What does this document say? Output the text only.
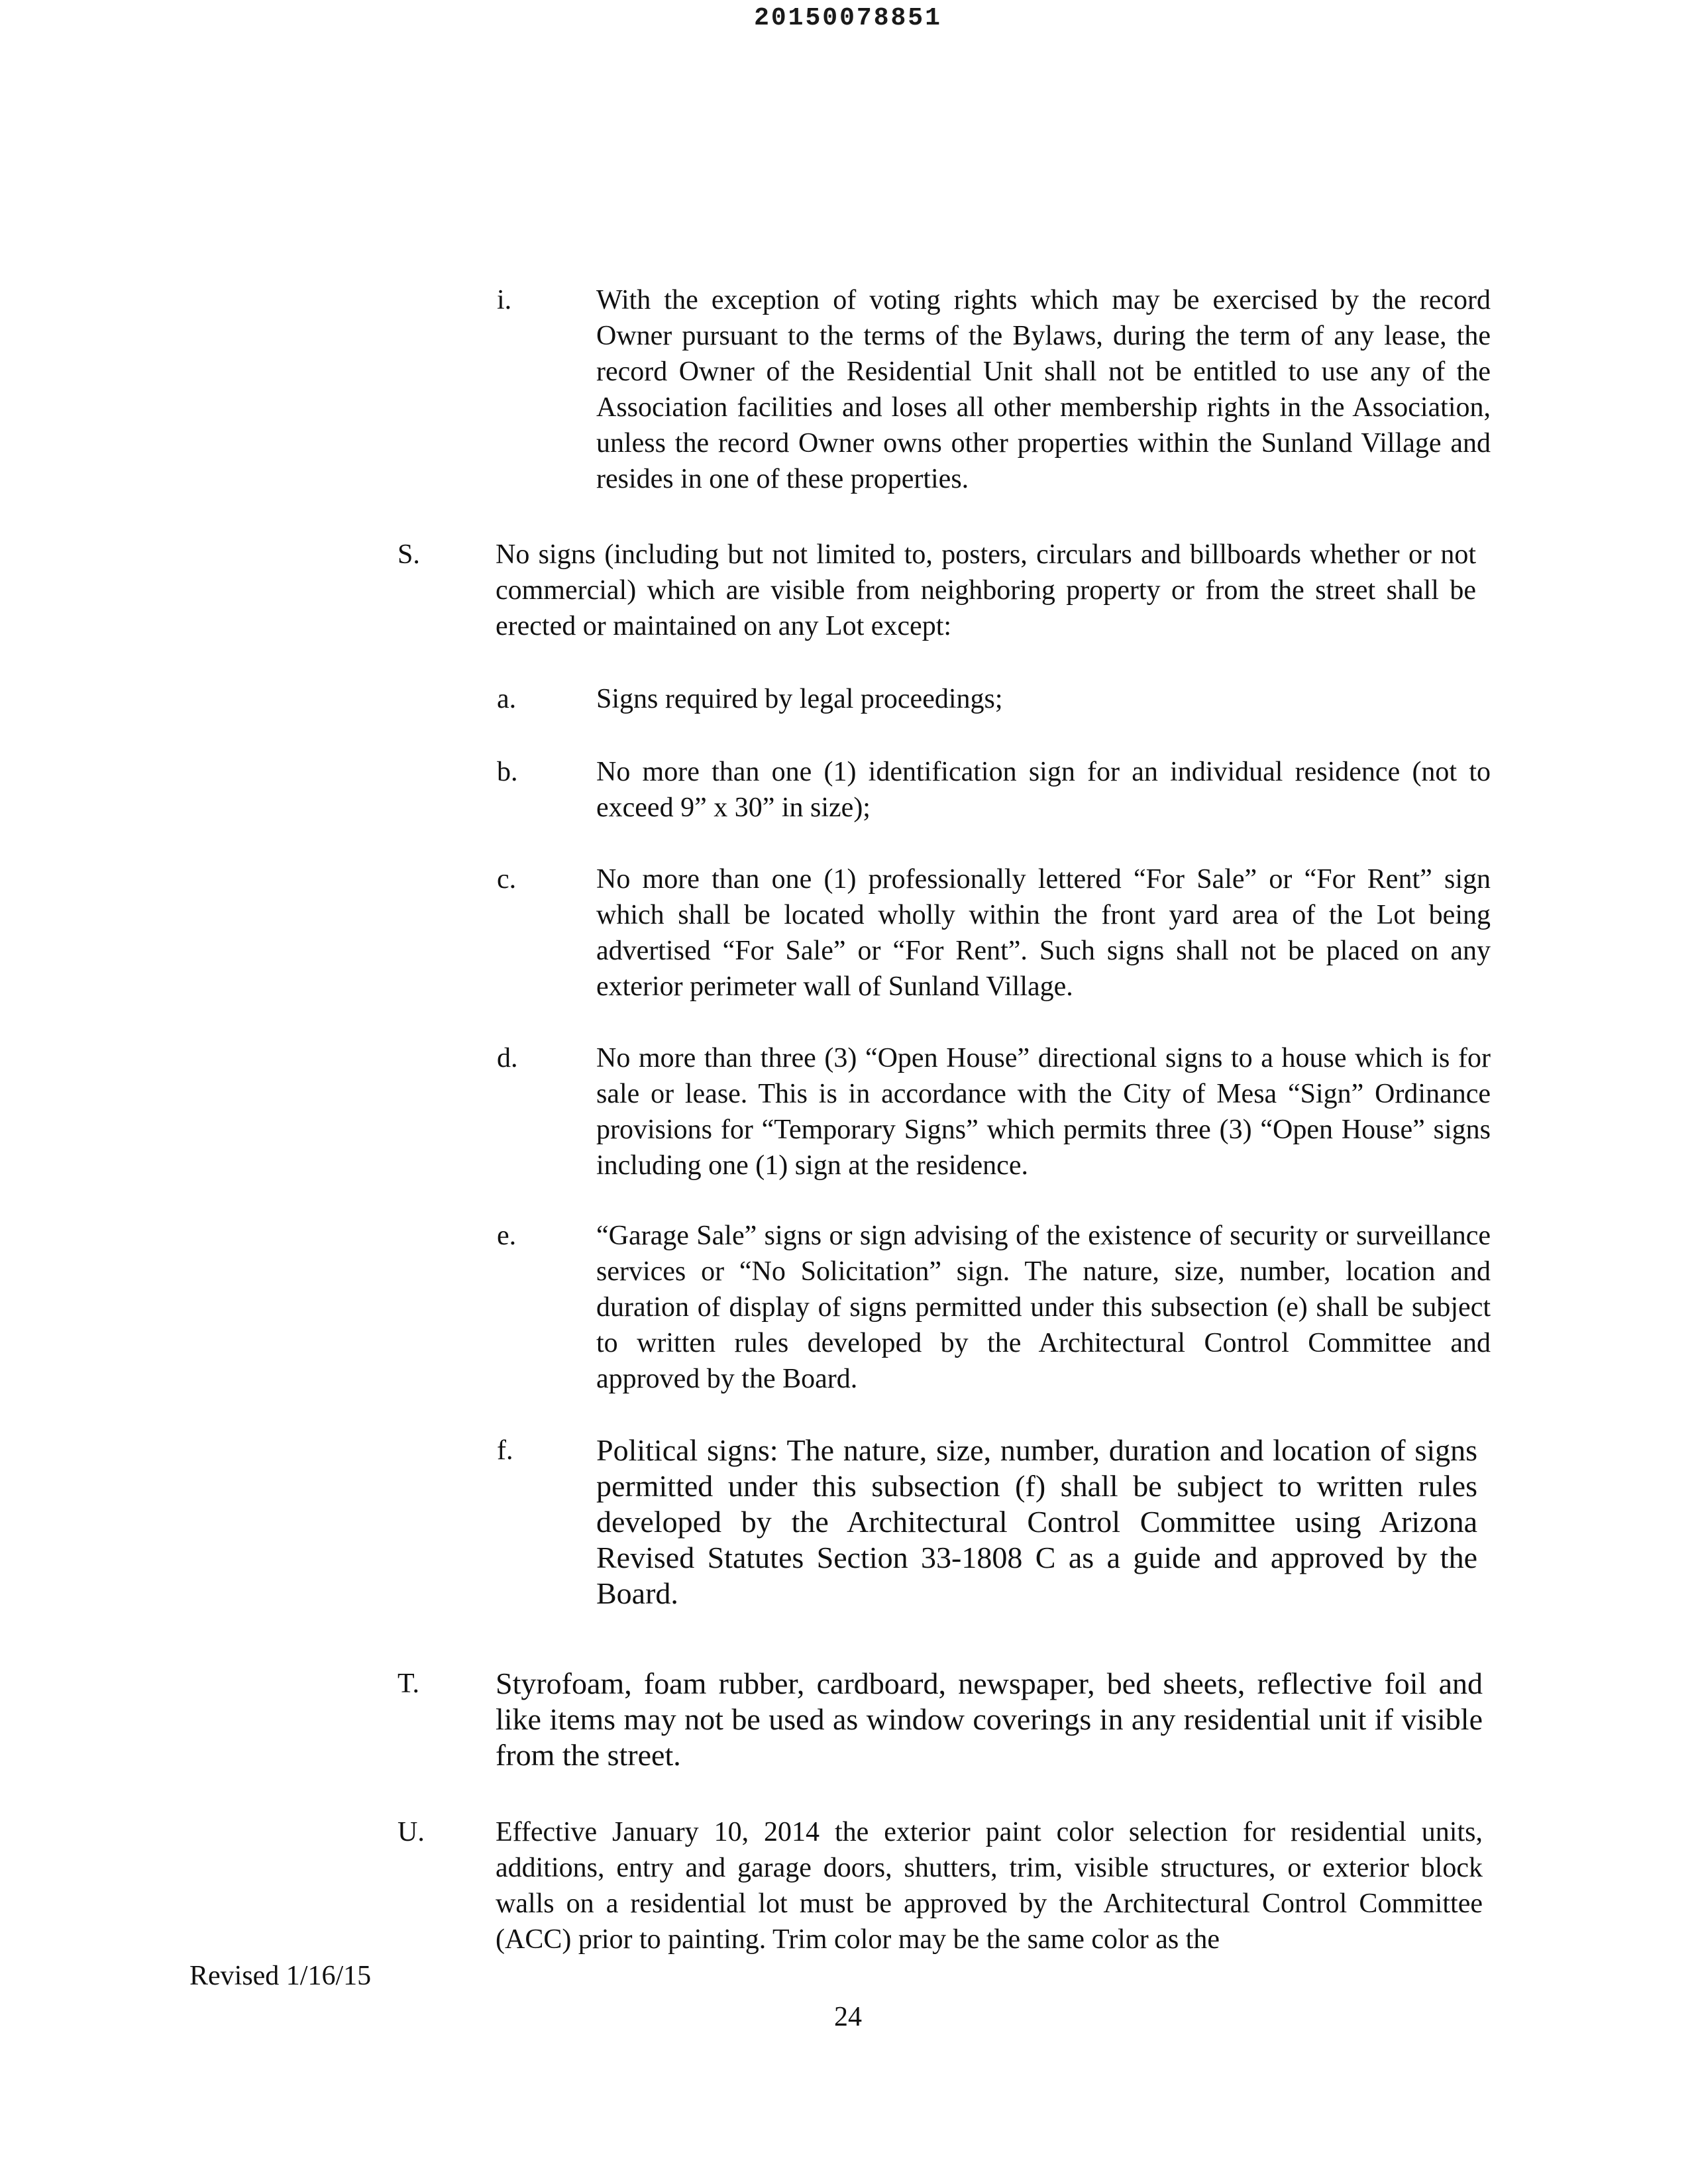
20150078851
i.	With the exception of voting rights which may be exercised by the record Owner pursuant to the terms of the Bylaws, during the term of any lease, the record Owner of the Residential Unit shall not be entitled to use any of the Association facilities and loses all other membership rights in the Association, unless the record Owner owns other properties within the Sunland Village and resides in one of these properties.
S.	No signs (including but not limited to, posters, circulars and billboards whether or not commercial) which are visible from neighboring property or from the street shall be erected or maintained on any Lot except:
a.	Signs required by legal proceedings;
b.	No more than one (1) identification sign for an individual residence (not to exceed 9” x 30” in size);
c.	No more than one (1) professionally lettered “For Sale” or “For Rent” sign which shall be located wholly within the front yard area of the Lot being advertised “For Sale” or “For Rent”. Such signs shall not be placed on any exterior perimeter wall of Sunland Village.
d.	No more than three (3) “Open House” directional signs to a house which is for sale or lease. This is in accordance with the City of Mesa “Sign” Ordinance provisions for “Temporary Signs” which permits three (3) “Open House” signs including one (1) sign at the residence.
e.	“Garage Sale” signs or sign advising of the existence of security or surveillance services or “No Solicitation” sign. The nature, size, number, location and duration of display of signs permitted under this subsection (e) shall be subject to written rules developed by the Architectural Control Committee and approved by the Board.
f.	Political signs: The nature, size, number, duration and location of signs permitted under this subsection (f) shall be subject to written rules developed by the Architectural Control Committee using Arizona Revised Statutes Section 33-1808 C as a guide and approved by the Board.
T. Styrofoam, foam rubber, cardboard, newspaper, bed sheets, reflective foil and like items may not be used as window coverings in any residential unit if visible from the street.
U.	Effective January 10, 2014 the exterior paint color selection for residential units, additions, entry and garage doors, shutters, trim, visible structures, or exterior block walls on a residential lot must be approved by the Architectural Control Committee (ACC) prior to painting. Trim color may be the same color as the
Revised 1/16/15
24
